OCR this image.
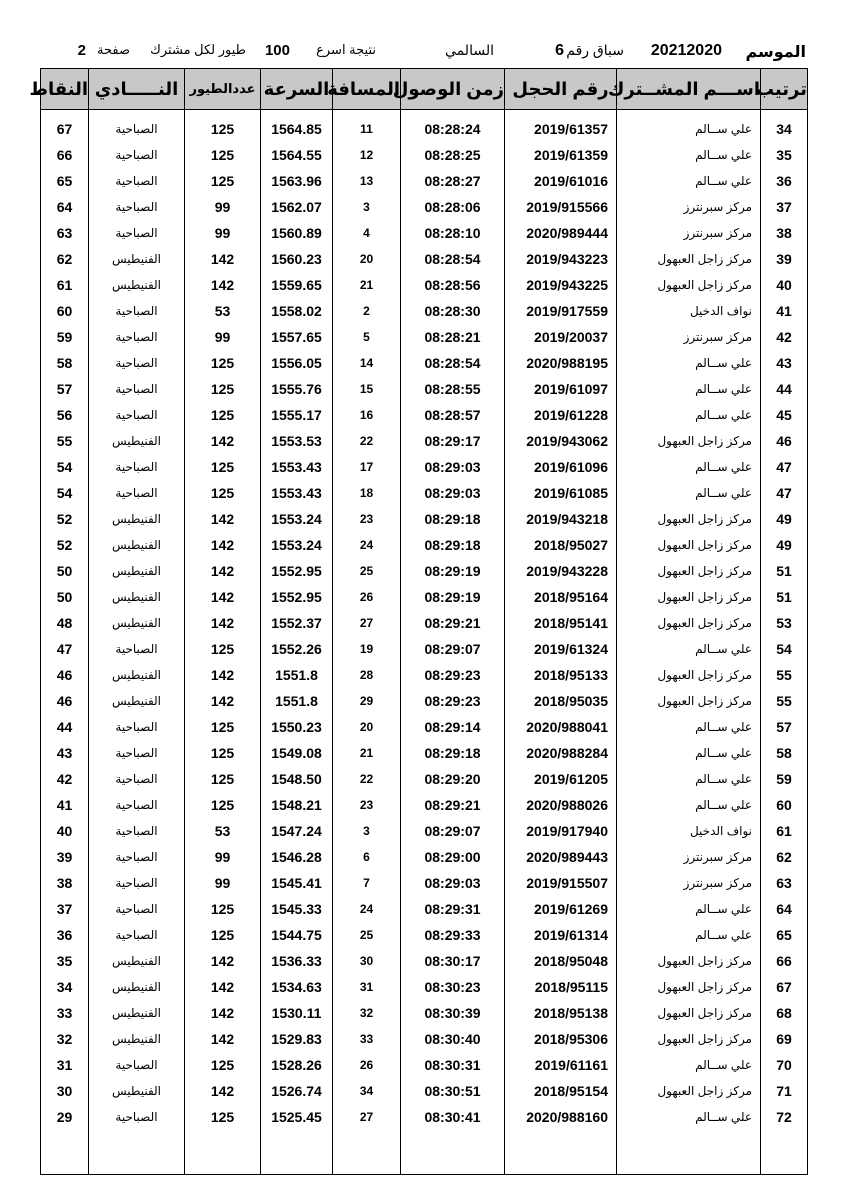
الموسم
20212020
سباق رقم
6
السالمي
نتيجة اسرع
100
طيور لكل مشترك
صفحة
2
ترتيب	اســـم المشــترك	رقم الحجل	زمن الوصول	المسافة	السرعة	عددالطيور	النـــــادي	النقاط
34	علي ســالم	2019/61357	08:28:24	11	1564.85	125	الصباحية	67
35	علي ســالم	2019/61359	08:28:25	12	1564.55	125	الصباحية	66
36	علي ســالم	2019/61016	08:28:27	13	1563.96	125	الصباحية	65
37	مركز سبرنترز	2019/915566	08:28:06	3	1562.07	99	الصباحية	64
38	مركز سبرنترز	2020/989444	08:28:10	4	1560.89	99	الصباحية	63
39	مركز زاجل العبهول	2019/943223	08:28:54	20	1560.23	142	الفنيطيس	62
40	مركز زاجل العبهول	2019/943225	08:28:56	21	1559.65	142	الفنيطيس	61
41	نواف الدخيل	2019/917559	08:28:30	2	1558.02	53	الصباحية	60
42	مركز سبرنترز	2019/20037	08:28:21	5	1557.65	99	الصباحية	59
43	علي ســالم	2020/988195	08:28:54	14	1556.05	125	الصباحية	58
44	علي ســالم	2019/61097	08:28:55	15	1555.76	125	الصباحية	57
45	علي ســالم	2019/61228	08:28:57	16	1555.17	125	الصباحية	56
46	مركز زاجل العبهول	2019/943062	08:29:17	22	1553.53	142	الفنيطيس	55
47	علي ســالم	2019/61096	08:29:03	17	1553.43	125	الصباحية	54
47	علي ســالم	2019/61085	08:29:03	18	1553.43	125	الصباحية	54
49	مركز زاجل العبهول	2019/943218	08:29:18	23	1553.24	142	الفنيطيس	52
49	مركز زاجل العبهول	2018/95027	08:29:18	24	1553.24	142	الفنيطيس	52
51	مركز زاجل العبهول	2019/943228	08:29:19	25	1552.95	142	الفنيطيس	50
51	مركز زاجل العبهول	2018/95164	08:29:19	26	1552.95	142	الفنيطيس	50
53	مركز زاجل العبهول	2018/95141	08:29:21	27	1552.37	142	الفنيطيس	48
54	علي ســالم	2019/61324	08:29:07	19	1552.26	125	الصباحية	47
55	مركز زاجل العبهول	2018/95133	08:29:23	28	1551.8	142	الفنيطيس	46
55	مركز زاجل العبهول	2018/95035	08:29:23	29	1551.8	142	الفنيطيس	46
57	علي ســالم	2020/988041	08:29:14	20	1550.23	125	الصباحية	44
58	علي ســالم	2020/988284	08:29:18	21	1549.08	125	الصباحية	43
59	علي ســالم	2019/61205	08:29:20	22	1548.50	125	الصباحية	42
60	علي ســالم	2020/988026	08:29:21	23	1548.21	125	الصباحية	41
61	نواف الدخيل	2019/917940	08:29:07	3	1547.24	53	الصباحية	40
62	مركز سبرنترز	2020/989443	08:29:00	6	1546.28	99	الصباحية	39
63	مركز سبرنترز	2019/915507	08:29:03	7	1545.41	99	الصباحية	38
64	علي ســالم	2019/61269	08:29:31	24	1545.33	125	الصباحية	37
65	علي ســالم	2019/61314	08:29:33	25	1544.75	125	الصباحية	36
66	مركز زاجل العبهول	2018/95048	08:30:17	30	1536.33	142	الفنيطيس	35
67	مركز زاجل العبهول	2018/95115	08:30:23	31	1534.63	142	الفنيطيس	34
68	مركز زاجل العبهول	2018/95138	08:30:39	32	1530.11	142	الفنيطيس	33
69	مركز زاجل العبهول	2018/95306	08:30:40	33	1529.83	142	الفنيطيس	32
70	علي ســالم	2019/61161	08:30:31	26	1528.26	125	الصباحية	31
71	مركز زاجل العبهول	2018/95154	08:30:51	34	1526.74	142	الفنيطيس	30
72	علي ســالم	2020/988160	08:30:41	27	1525.45	125	الصباحية	29
